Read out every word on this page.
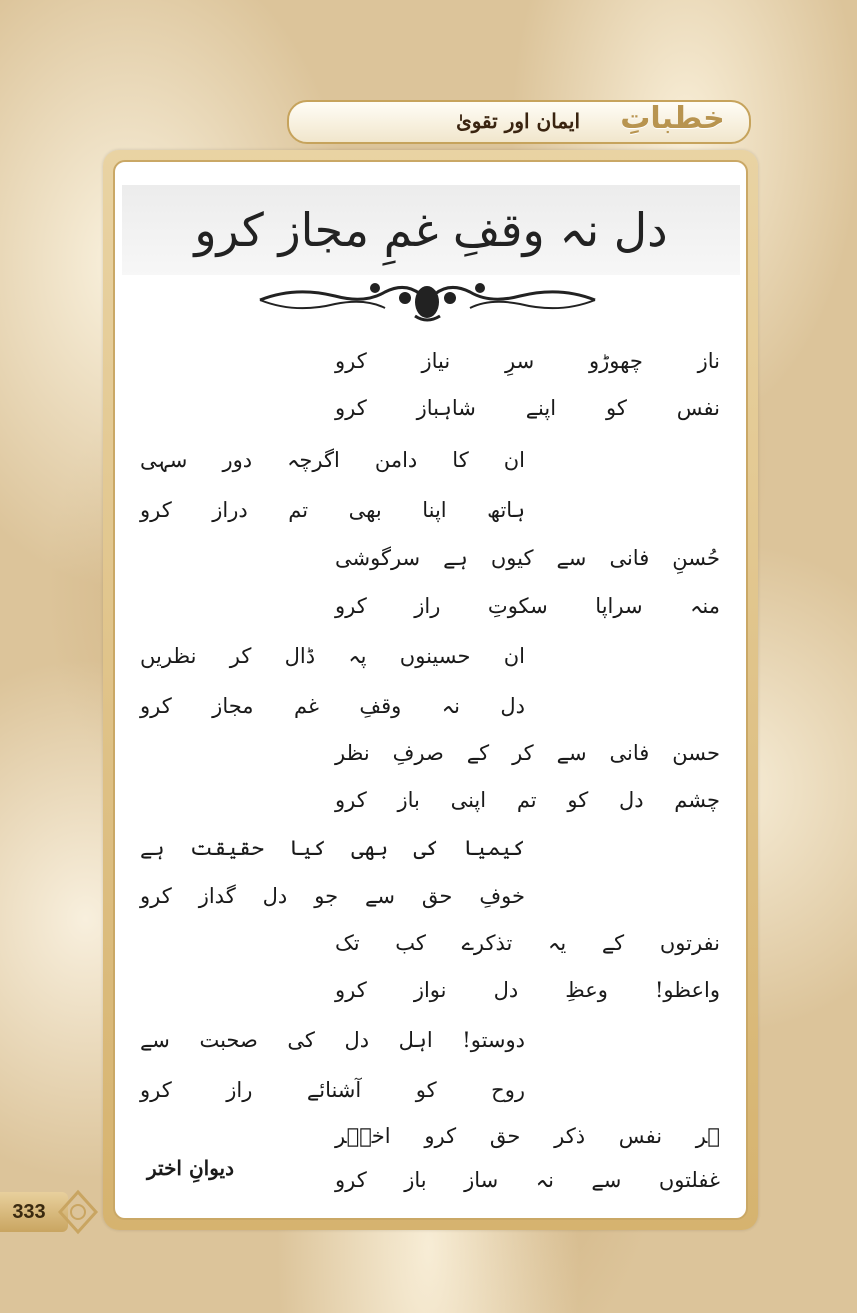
ایمان اور تقویٰ	خطباتِ
دل نہ وقفِ غمِ مجاز کرو
ناز چھوڑو سرِ نیاز کرو
نفس کو اپنے شاہباز کرو
ان کا دامن اگرچہ دور سہی
ہاتھ اپنا بھی تم دراز کرو
حُسنِ فانی سے کیوں ہے سرگوشی
منہ سراپا سکوتِ راز کرو
ان حسینوں پہ ڈال کر نظریں
دل نہ وقفِ غم مجاز کرو
حسن فانی سے کر کے صرفِ نظر
چشم دل کو تم اپنی باز کرو
کیمیا کی بھی کیا حقیقت ہے
خوفِ حق سے جو دل گداز کرو
نفرتوں کے یہ تذکرے کب تک
واعظو! وعظِ دل نواز کرو
دوستو! اہل دل کی صحبت سے
روح کو آشنائے راز کرو
ہر نفس ذکر حق کرو اختؔر
غفلتوں سے نہ ساز باز کرو
دیوانِ اختر
333
